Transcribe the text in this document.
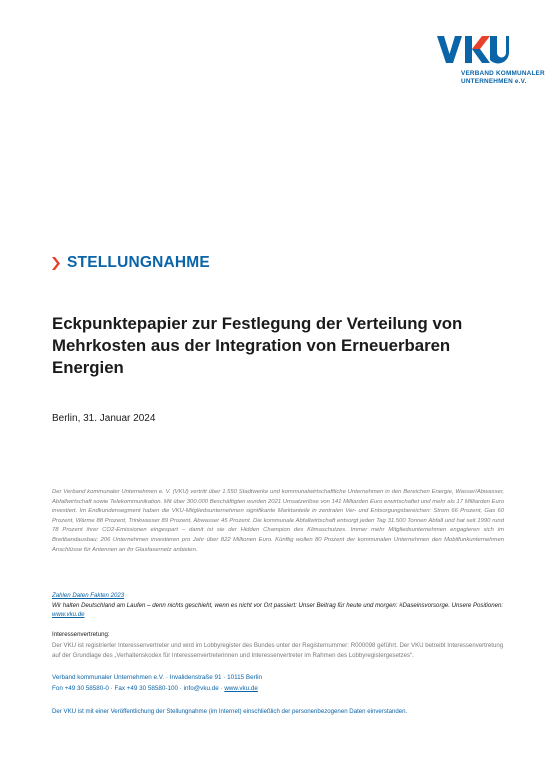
VERBAND KOMMUNALER
UNTERNEHMEN e.V.
STELLUNGNAHME
Eckpunktepapier zur Festlegung der Verteilung von Mehrkosten aus der Integration von Erneuerbaren Energien
Berlin, 31. Januar 2024

Der Verband kommunaler Unternehmen e. V. (VKU) vertritt über 1.550 Stadtwerke und kommunalwirtschaftliche Unternehmen in den Bereichen Energie, Wasser/Abwasser, Abfallwirtschaft sowie Telekommunikation. Mit über 300.000 Beschäftigten wurden 2021 Umsatzerlöse von 141 Milliarden Euro erwirtschaftet und mehr als 17 Milliarden Euro investiert. Im Endkundensegment haben die VKU-Mitgliedsunternehmen signifikante Marktanteile in zentralen Ver- und Entsorgungsbereichen: Strom 66 Prozent, Gas 60 Prozent, Wärme 88 Prozent, Trinkwasser 89 Prozent, Abwasser 45 Prozent. Die kommunale Abfallwirtschaft entsorgt jeden Tag 31.500 Tonnen Abfall und hat seit 1990 rund 78 Prozent ihrer CO2-Emissionen eingespart – damit ist sie der Hidden Champion des Klimaschutzes. Immer mehr Mitgliedsunternehmen engagieren sich im Breitbandausbau: 206 Unternehmen investieren pro Jahr über 822 Millionen Euro. Künftig wollen 80 Prozent der kommunalen Unternehmen den Mobilfunkunternehmen Anschlüsse für Antennen an ihr Glasfasernetz anbieten.

Zahlen Daten Fakten 2023
Wir halten Deutschland am Laufen – denn nichts geschieht, wenn es nicht vor Ort passiert: Unser Beitrag für heute und morgen: #Daseinsvorsorge. Unsere Positionen: www.vku.de

Interessenvertretung:

Der VKU ist registrierter Interessenvertreter und wird im Lobbyregister des Bundes unter der Registernummer: R000098 geführt. Der VKU betreibt Interessenvertretung auf der Grundlage des „Verhaltenskodex für Interessenvertreterinnen und Interessenvertreter im Rahmen des Lobbyregistergesetzes“.

Verband kommunaler Unternehmen e.V. · Invalidenstraße 91 · 10115 Berlin
Fon +49 30 58580-0 · Fax +49 30 58580-100 · info@vku.de · www.vku.de
Der VKU ist mit einer Veröffentlichung der Stellungnahme (im Internet) einschließlich der personenbezogenen Daten einverstanden.
